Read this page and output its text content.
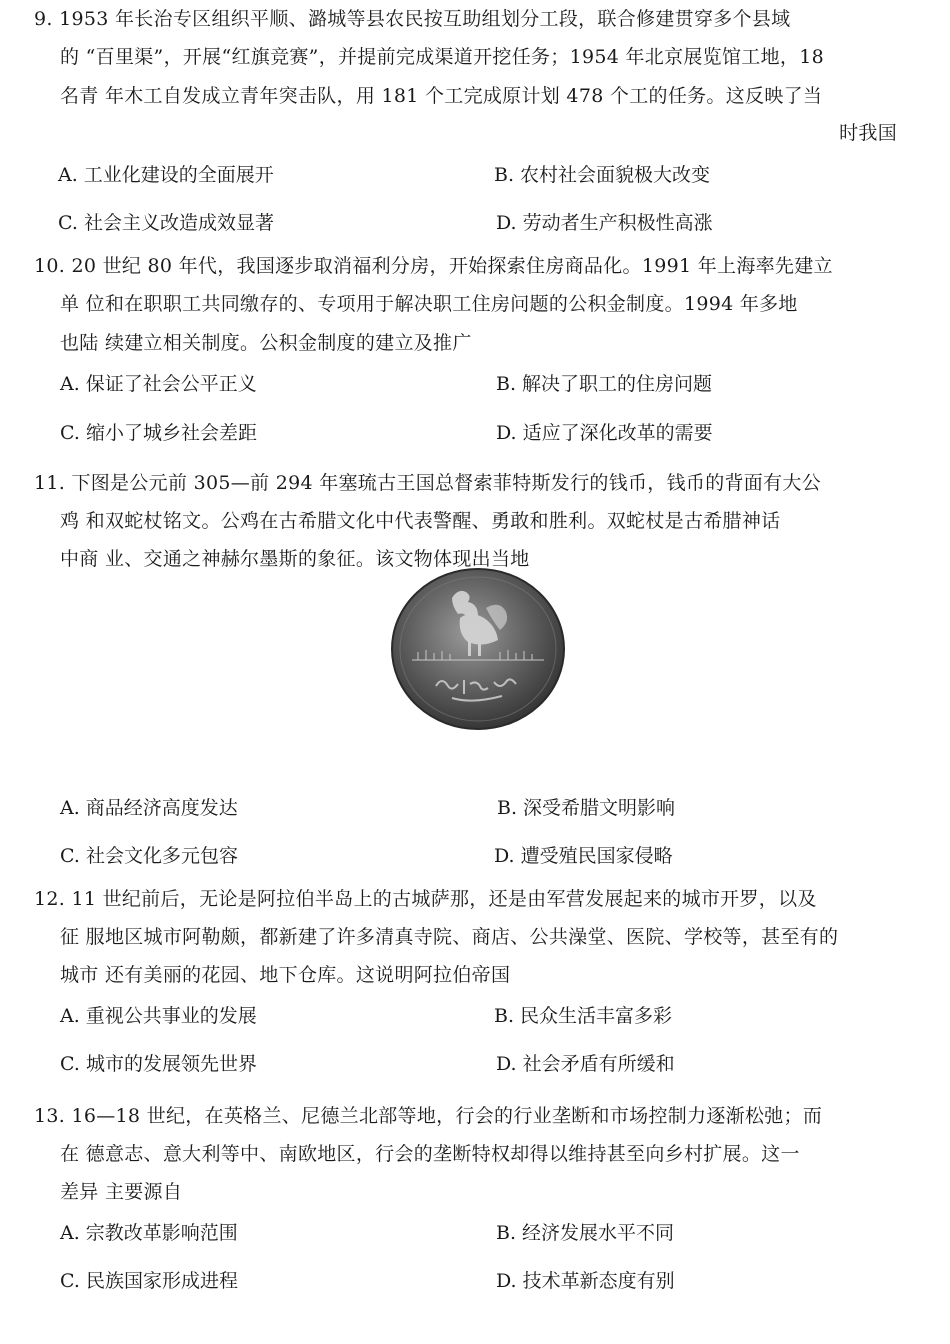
9. 1953 年长治专区组织平顺、潞城等县农民按互助组划分工段，联合修建贯穿多个县域
的 “百里渠”，开展“红旗竞赛”，并提前完成渠道开挖任务；1954 年北京展览馆工地，18
名青 年木工自发成立青年突击队，用 181 个工完成原计划 478 个工的任务。这反映了当
时我国
A. 工业化建设的全面展开	B. 农村社会面貌极大改变
C. 社会主义改造成效显著	D. 劳动者生产积极性高涨
10. 20 世纪 80 年代，我国逐步取消福利分房，开始探索住房商品化。1991 年上海率先建立
单 位和在职职工共同缴存的、专项用于解决职工住房问题的公积金制度。1994 年多地
也陆 续建立相关制度。公积金制度的建立及推广
A. 保证了社会公平正义	B. 解决了职工的住房问题
C. 缩小了城乡社会差距	D. 适应了深化改革的需要
11. 下图是公元前 305—前 294 年塞琉古王国总督索菲特斯发行的钱币，钱币的背面有大公
鸡 和双蛇杖铭文。公鸡在古希腊文化中代表警醒、勇敢和胜利。双蛇杖是古希腊神话
中商 业、交通之神赫尔墨斯的象征。该文物体现出当地
A. 商品经济高度发达	B. 深受希腊文明影响
C. 社会文化多元包容	D. 遭受殖民国家侵略
12. 11 世纪前后，无论是阿拉伯半岛上的古城萨那，还是由军营发展起来的城市开罗，以及
征 服地区城市阿勒颇，都新建了许多清真寺院、商店、公共澡堂、医院、学校等，甚至有的
城市 还有美丽的花园、地下仓库。这说明阿拉伯帝国
A. 重视公共事业的发展	B. 民众生活丰富多彩
C. 城市的发展领先世界	D. 社会矛盾有所缓和
13. 16—18 世纪，在英格兰、尼德兰北部等地，行会的行业垄断和市场控制力逐渐松弛；而
在 德意志、意大利等中、南欧地区，行会的垄断特权却得以维持甚至向乡村扩展。这一
差异 主要源自
A. 宗教改革影响范围	B. 经济发展水平不同
C. 民族国家形成进程	D. 技术革新态度有别
